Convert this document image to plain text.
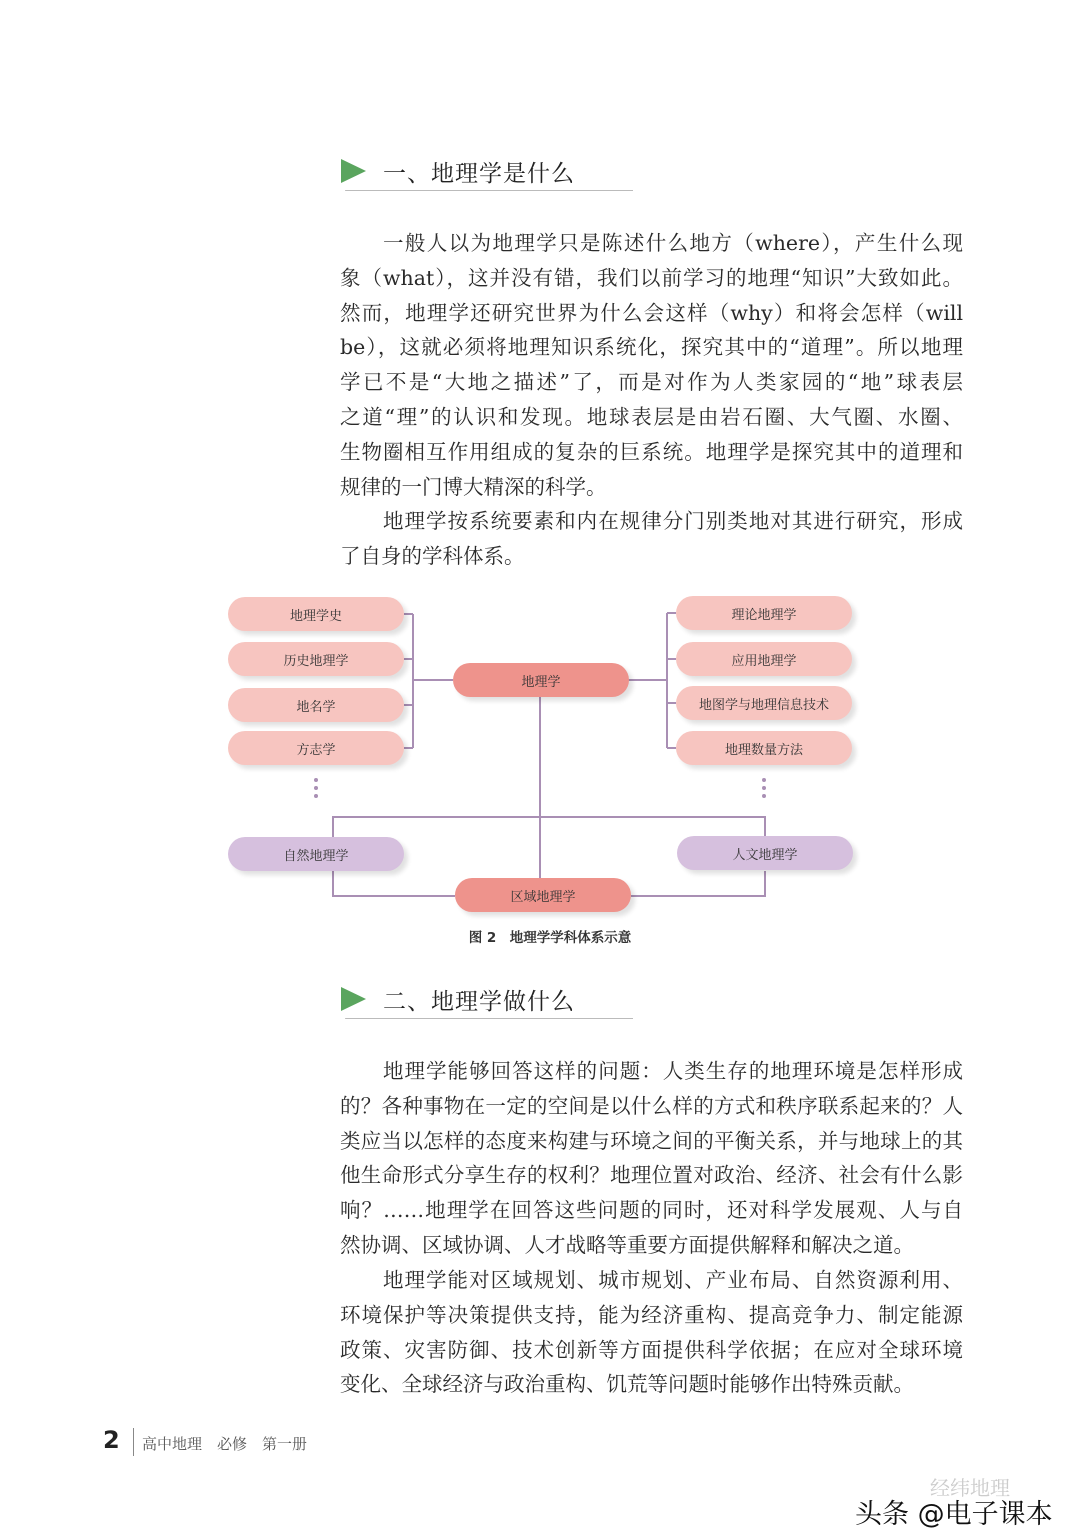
一、地理学是什么
一般人以为地理学只是陈述什么地方（where），产生什么现
象（what），这并没有错，我们以前学习的地理“知识”大致如此。
然而，地理学还研究世界为什么会这样（why）和将会怎样（will
be），这就必须将地理知识系统化，探究其中的“道理”。所以地理
学已不是“大地之描述”了，而是对作为人类家园的“地”球表层
之道“理”的认识和发现。地球表层是由岩石圈、大气圈、水圈、
生物圈相互作用组成的复杂的巨系统。地理学是探究其中的道理和
规律的一门博大精深的科学。
地理学按系统要素和内在规律分门别类地对其进行研究，形成
了自身的学科体系。
地理学史
历史地理学
地名学
方志学
理论地理学
应用地理学
地图学与地理信息技术
地理数量方法
地理学
自然地理学	人文地理学
区域地理学
图 2　地理学学科体系示意
二、地理学做什么
地理学能够回答这样的问题：人类生存的地理环境是怎样形成
的？各种事物在一定的空间是以什么样的方式和秩序联系起来的？人
类应当以怎样的态度来构建与环境之间的平衡关系，并与地球上的其
他生命形式分享生存的权利？地理位置对政治、经济、社会有什么影
响？……地理学在回答这些问题的同时，还对科学发展观、人与自
然协调、区域协调、人才战略等重要方面提供解释和解决之道。
地理学能对区域规划、城市规划、产业布局、自然资源利用、
环境保护等决策提供支持，能为经济重构、提高竞争力、制定能源
政策、灾害防御、技术创新等方面提供科学依据；在应对全球环境
变化、全球经济与政治重构、饥荒等问题时能够作出特殊贡献。
2 高中地理　必修　第一册
经纬地理
头条 @电子课本
